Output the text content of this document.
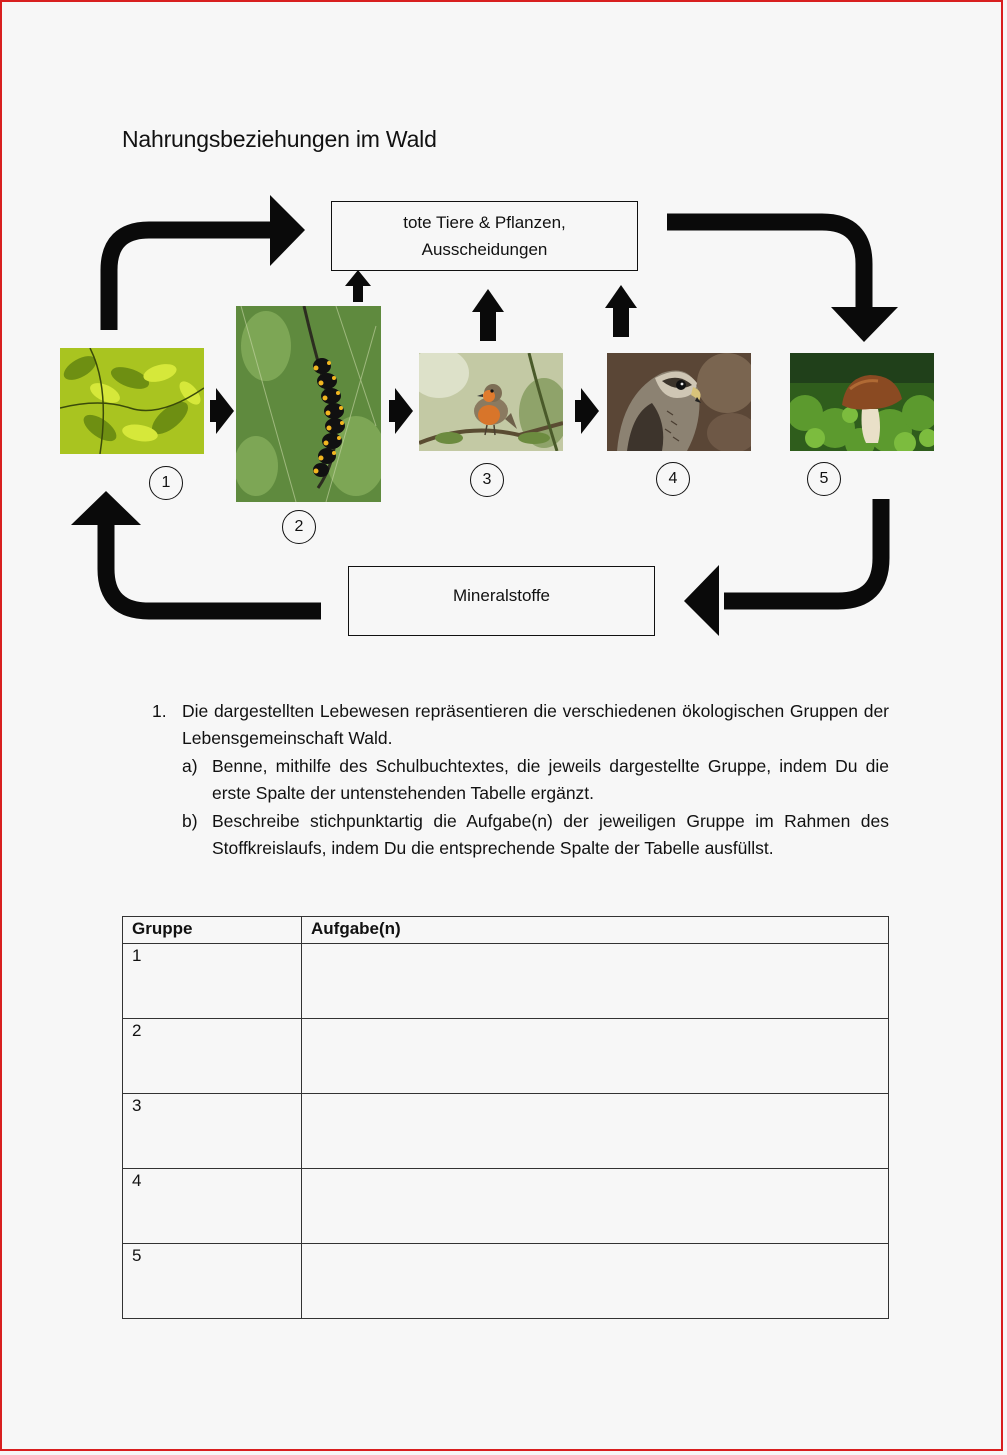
Nahrungsbeziehungen im Wald
tote Tiere & Pflanzen,
Ausscheidungen
Mineralstoffe
1
2
3	4	5
1. Die dargestellten Lebewesen repräsentieren die verschiedenen ökologischen Gruppen der Lebensgemeinschaft Wald.
a) Benne, mithilfe des Schulbuchtextes, die jeweils dargestellte Gruppe, indem Du die erste Spalte der untenstehenden Tabelle ergänzt.
b) Beschreibe stichpunktartig die Aufgabe(n) der jeweiligen Gruppe im Rahmen des Stoffkreislaufs, indem Du die entsprechende Spalte der Tabelle ausfüllst.
Gruppe	Aufgabe(n)
1	
2	
3	
4	
5	
